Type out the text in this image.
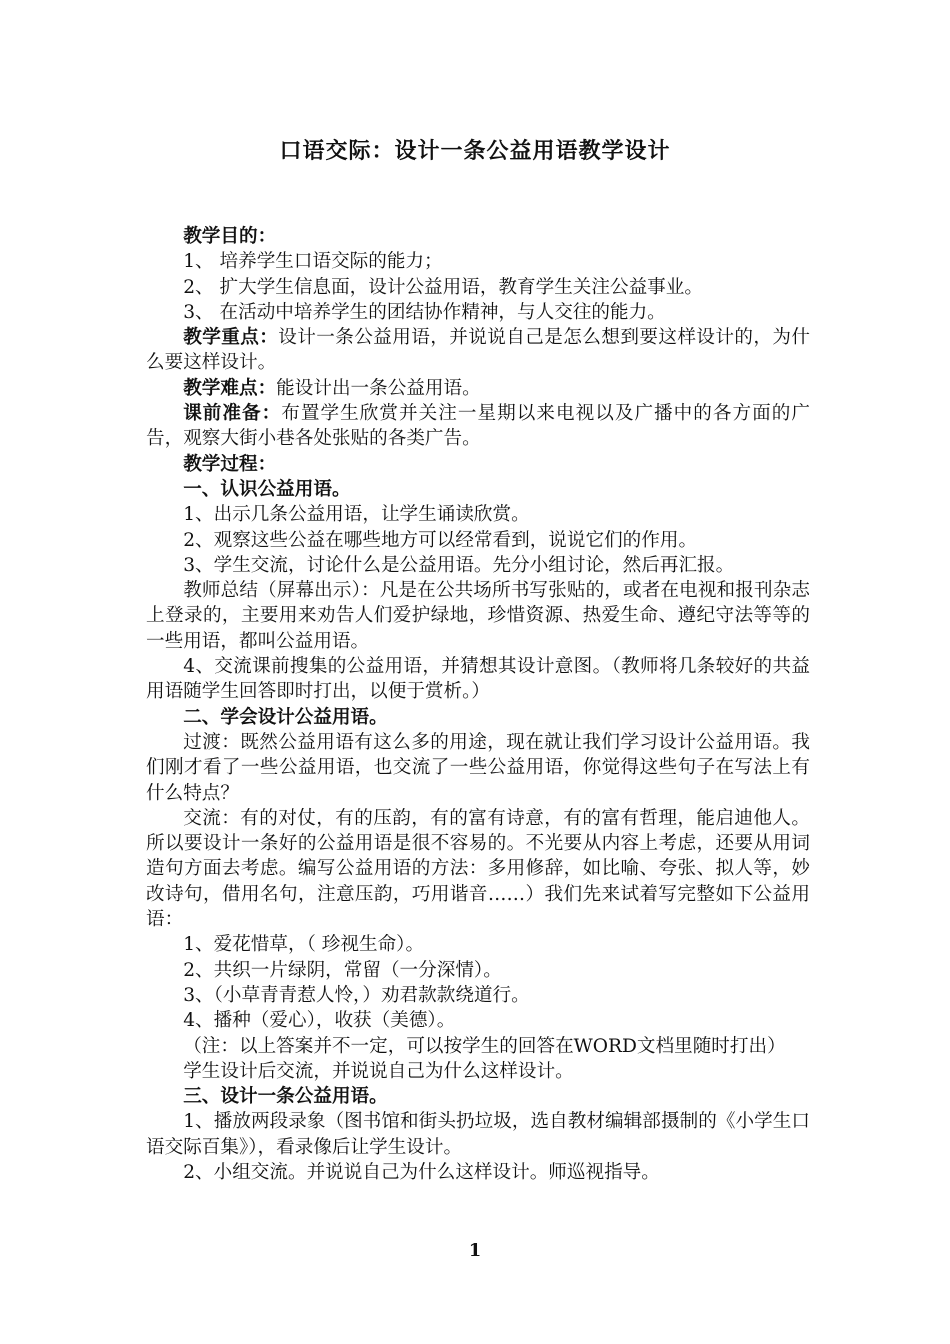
口语交际：设计一条公益用语教学设计

教学目的：

1、 培养学生口语交际的能力；

2、 扩大学生信息面，设计公益用语，教育学生关注公益事业。

3、 在活动中培养学生的团结协作精神，与人交往的能力。

教学重点：设计一条公益用语，并说说自己是怎么想到要这样设计的，为什么要这样设计。

教学难点：能设计出一条公益用语。

课前准备：布置学生欣赏并关注一星期以来电视以及广播中的各方面的广告，观察大街小巷各处张贴的各类广告。

教学过程：

一、认识公益用语。

1、出示几条公益用语，让学生诵读欣赏。

2、观察这些公益在哪些地方可以经常看到，说说它们的作用。

3、学生交流，讨论什么是公益用语。先分小组讨论，然后再汇报。

教师总结（屏幕出示）：凡是在公共场所书写张贴的，或者在电视和报刊杂志上登录的，主要用来劝告人们爱护绿地，珍惜资源、热爱生命、遵纪守法等等的一些用语，都叫公益用语。

4、交流课前搜集的公益用语，并猜想其设计意图。（教师将几条较好的共益用语随学生回答即时打出，以便于赏析。）

二、学会设计公益用语。

过渡：既然公益用语有这么多的用途，现在就让我们学习设计公益用语。我们刚才看了一些公益用语，也交流了一些公益用语，你觉得这些句子在写法上有什么特点？

交流：有的对仗，有的压韵，有的富有诗意，有的富有哲理，能启迪他人。所以要设计一条好的公益用语是很不容易的。不光要从内容上考虑，还要从用词造句方面去考虑。编写公益用语的方法：多用修辞，如比喻、夸张、拟人等，妙改诗句，借用名句，注意压韵，巧用谐音……）我们先来试着写完整如下公益用语：

1、爱花惜草，（ 珍视生命）。

2、共织一片绿阴，常留（一分深情）。

3、（小草青青惹人怜，）劝君款款绕道行。

4、播种（爱心），收获（美德）。

（注：以上答案并不一定，可以按学生的回答在WORD文档里随时打出）

学生设计后交流，并说说自己为什么这样设计。

三、设计一条公益用语。

1、播放两段录象（图书馆和街头扔垃圾，选自教材编辑部摄制的《小学生口语交际百集》），看录像后让学生设计。

2、小组交流。并说说自己为什么这样设计。师巡视指导。

1
